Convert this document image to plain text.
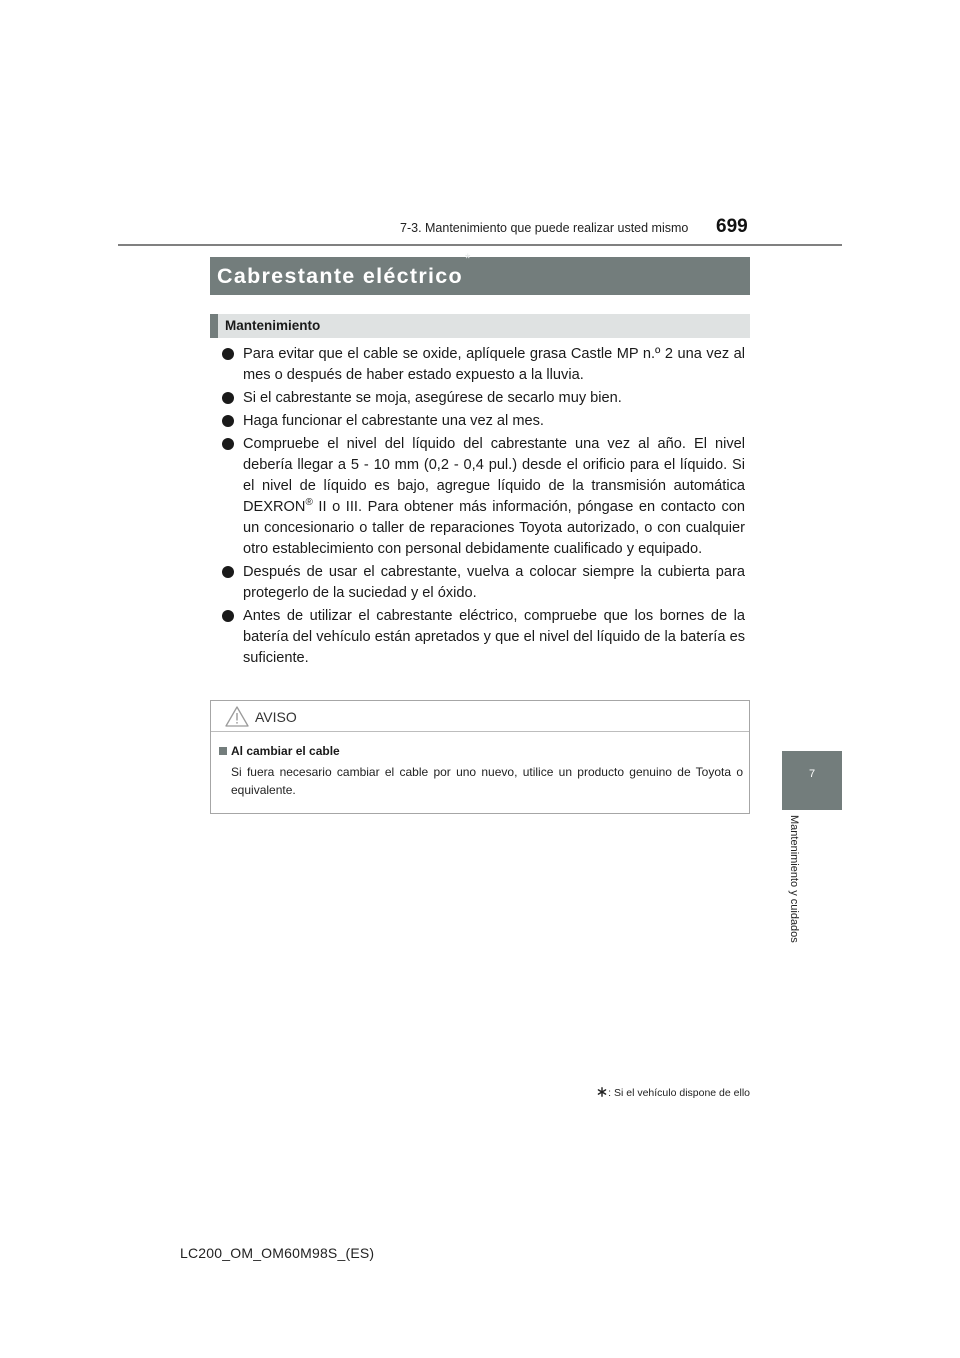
7-3. Mantenimiento que puede realizar usted mismo 699
7
Mantenimiento y cuidados
Cabrestante eléctrico*
Mantenimiento
Para evitar que el cable se oxide, aplíquele grasa Castle MP n.º 2 una vez al mes o después de haber estado expuesto a la lluvia.
Si el cabrestante se moja, asegúrese de secarlo muy bien.
Haga funcionar el cabrestante una vez al mes.
Compruebe el nivel del líquido del cabrestante una vez al año. El nivel debería llegar a 5 - 10 mm (0,2 - 0,4 pul.) desde el orificio para el líquido. Si el nivel de líquido es bajo, agregue líquido de la transmisión automática DEXRON® II o III. Para obtener más información, póngase en contacto con un concesionario o taller de reparaciones Toyota autorizado, o con cualquier otro establecimiento con personal debidamente cualificado y equipado.
Después de usar el cabrestante, vuelva a colocar siempre la cubierta para protegerlo de la suciedad y el óxido.
Antes de utilizar el cabrestante eléctrico, compruebe que los bornes de la batería del vehículo están apretados y que el nivel del líquido de la batería es suficiente.
AVISO
Al cambiar el cable
Si fuera necesario cambiar el cable por uno nuevo, utilice un producto genuino de Toyota o equivalente.
: Si el vehículo dispone de ello
LC200_OM_OM60M98S_(ES)
